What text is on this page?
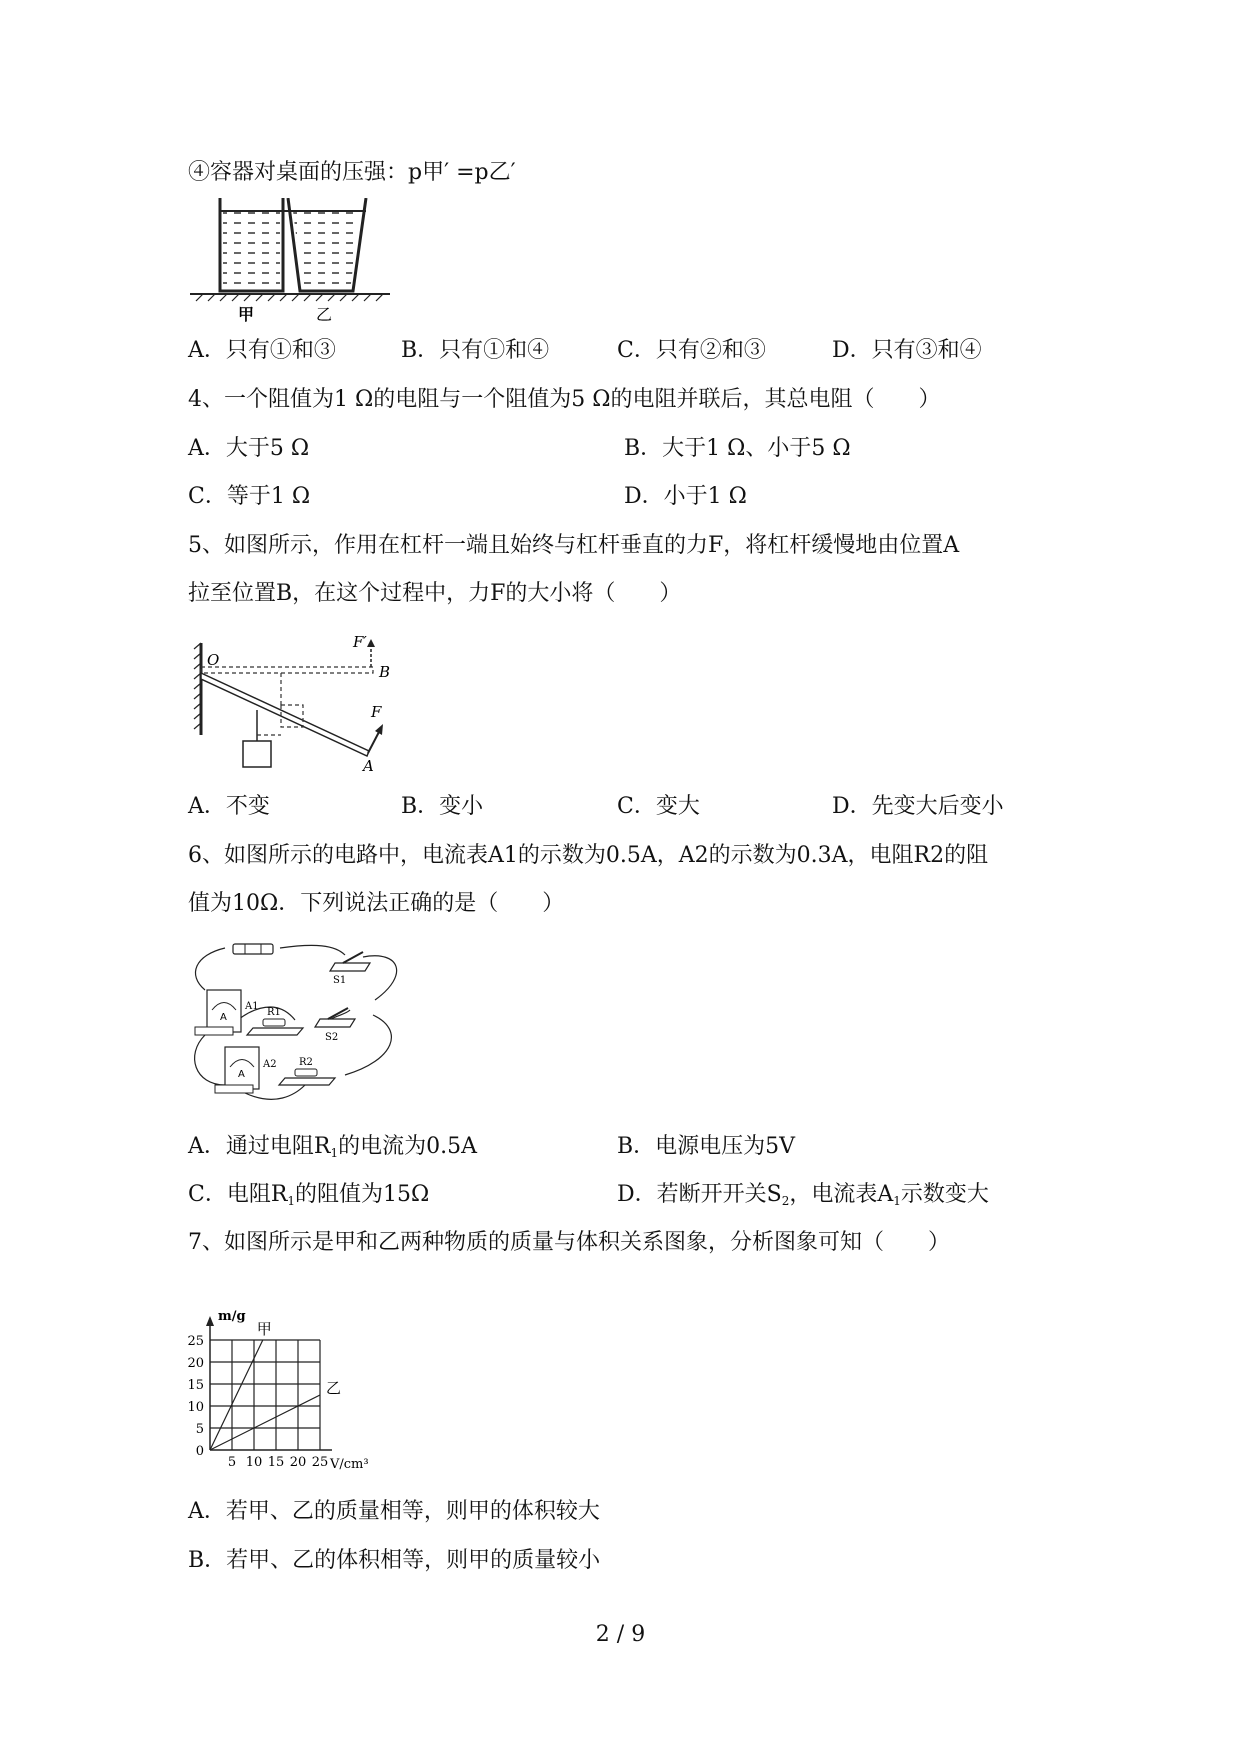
④容器对桌面的压强：p甲′ =p乙′
甲	乙
A．只有①和③	B．只有①和④	C．只有②和③	D．只有③和④
4、一个阻值为1 Ω的电阻与一个阻值为5 Ω的电阻并联后，其总电阻（　　）
A．大于5 Ω	B．大于1 Ω、小于5 Ω
C．等于1 Ω	D．小于1 Ω
5、如图所示，作用在杠杆一端且始终与杠杆垂直的力F，将杠杆缓慢地由位置A
拉至位置B，在这个过程中，力F的大小将（　　）
O
B
A
F
F′
A．不变	B．变小	C．变大	D．先变大后变小
6、如图所示的电路中，电流表A1的示数为0.5A，A2的示数为0.3A，电阻R2的阻
值为10Ω．下列说法正确的是（　　）
A
A
S1
S2
A1
A2
R1
R2
A．通过电阻$R_1$的电流为0.5A	B．电源电压为5V
C．电阻$R_1$的阻值为15Ω	D．若断开开关$S_2$，电流表$A_1$示数变大
7、如图所示是甲和乙两种物质的质量与体积关系图象，分析图象可知（　　）
5 10 15 20 25
0
5
10
15
20
25
m/g
V/cm³
甲
乙
A．若甲、乙的质量相等，则甲的体积较大
B．若甲、乙的体积相等，则甲的质量较小
2 / 9
